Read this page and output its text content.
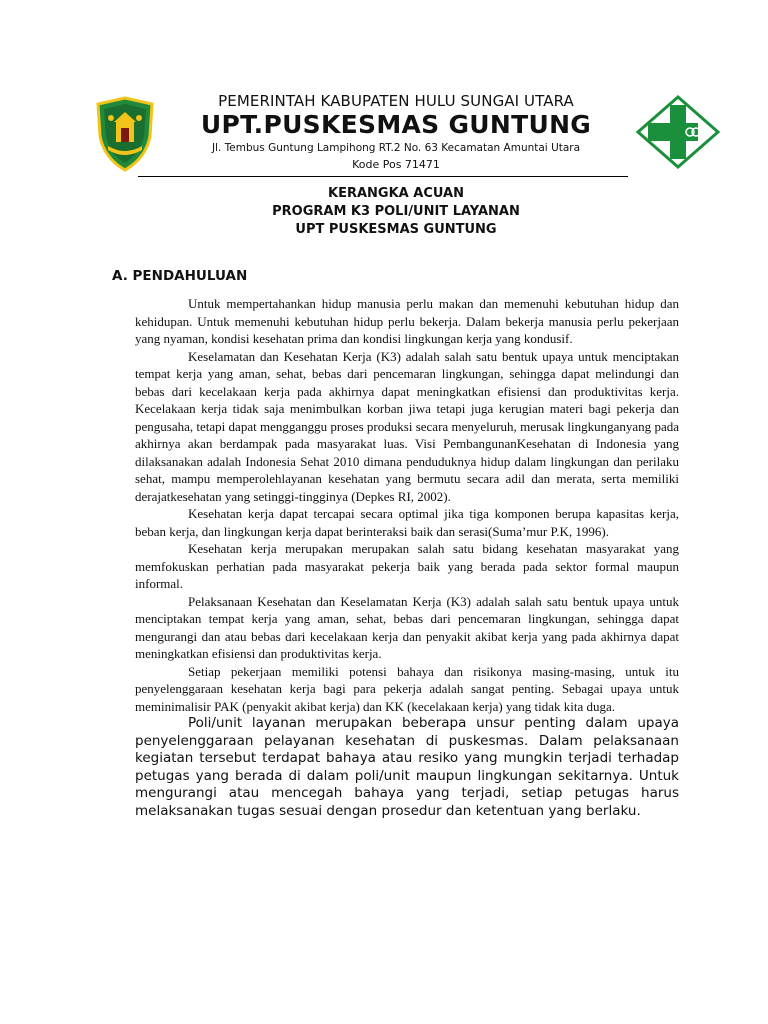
PEMERINTAH KABUPATEN HULU SUNGAI UTARA
UPT.PUSKESMAS GUNTUNG
Jl. Tembus Guntung Lampihong RT.2 No. 63 Kecamatan Amuntai Utara
Kode Pos 71471
KERANGKA ACUAN
PROGRAM K3 POLI/UNIT LAYANAN
UPT PUSKESMAS GUNTUNG
A. PENDAHULUAN

Untuk mempertahankan hidup manusia perlu makan dan memenuhi kebutuhan hidup dan kehidupan. Untuk memenuhi kebutuhan hidup perlu bekerja. Dalam bekerja manusia perlu pekerjaan yang nyaman, kondisi kesehatan prima dan kondisi lingkungan kerja yang kondusif.

Keselamatan dan Kesehatan Kerja (K3) adalah salah satu bentuk upaya untuk menciptakan tempat kerja yang aman, sehat, bebas dari pencemaran lingkungan, sehingga dapat melindungi dan bebas dari kecelakaan kerja pada akhirnya dapat meningkatkan efisiensi dan produktivitas kerja. Kecelakaan kerja tidak saja menimbulkan korban jiwa tetapi juga kerugian materi bagi pekerja dan pengusaha, tetapi dapat mengganggu proses produksi secara menyeluruh, merusak lingkunganyang pada akhirnya akan berdampak pada masyarakat luas. Visi PembangunanKesehatan di Indonesia yang dilaksanakan adalah Indonesia Sehat 2010 dimana penduduknya hidup dalam lingkungan dan perilaku sehat, mampu memperolehlayanan kesehatan yang bermutu secara adil dan merata, serta memiliki derajatkesehatan yang setinggi-tingginya (Depkes RI, 2002).

Kesehatan kerja dapat tercapai secara optimal jika tiga komponen berupa kapasitas kerja, beban kerja, dan lingkungan kerja dapat berinteraksi baik dan serasi(Suma’mur P.K, 1996).

Kesehatan kerja merupakan merupakan salah satu bidang kesehatan masyarakat yang memfokuskan perhatian pada masyarakat pekerja baik yang berada pada sektor formal maupun informal.

Pelaksanaan Kesehatan dan Keselamatan Kerja (K3) adalah salah satu bentuk upaya untuk menciptakan tempat kerja yang aman, sehat, bebas dari pencemaran lingkungan, sehingga dapat mengurangi dan atau bebas dari kecelakaan kerja dan penyakit akibat kerja yang pada akhirnya dapat meningkatkan efisiensi dan produktivitas kerja.

Setiap pekerjaan memiliki potensi bahaya dan risikonya masing-masing, untuk itu penyelenggaraan kesehatan kerja bagi para pekerja adalah sangat penting. Sebagai upaya untuk meminimalisir PAK (penyakit akibat kerja) dan KK (kecelakaan kerja) yang tidak kita duga.

Poli/unit layanan merupakan beberapa unsur penting dalam upaya penyelenggaraan pelayanan kesehatan di puskesmas. Dalam pelaksanaan kegiatan tersebut terdapat bahaya atau resiko yang mungkin terjadi terhadap petugas yang berada di dalam poli/unit maupun lingkungan sekitarnya. Untuk mengurangi atau mencegah bahaya yang terjadi, setiap petugas harus melaksanakan tugas sesuai dengan prosedur dan ketentuan yang berlaku.
